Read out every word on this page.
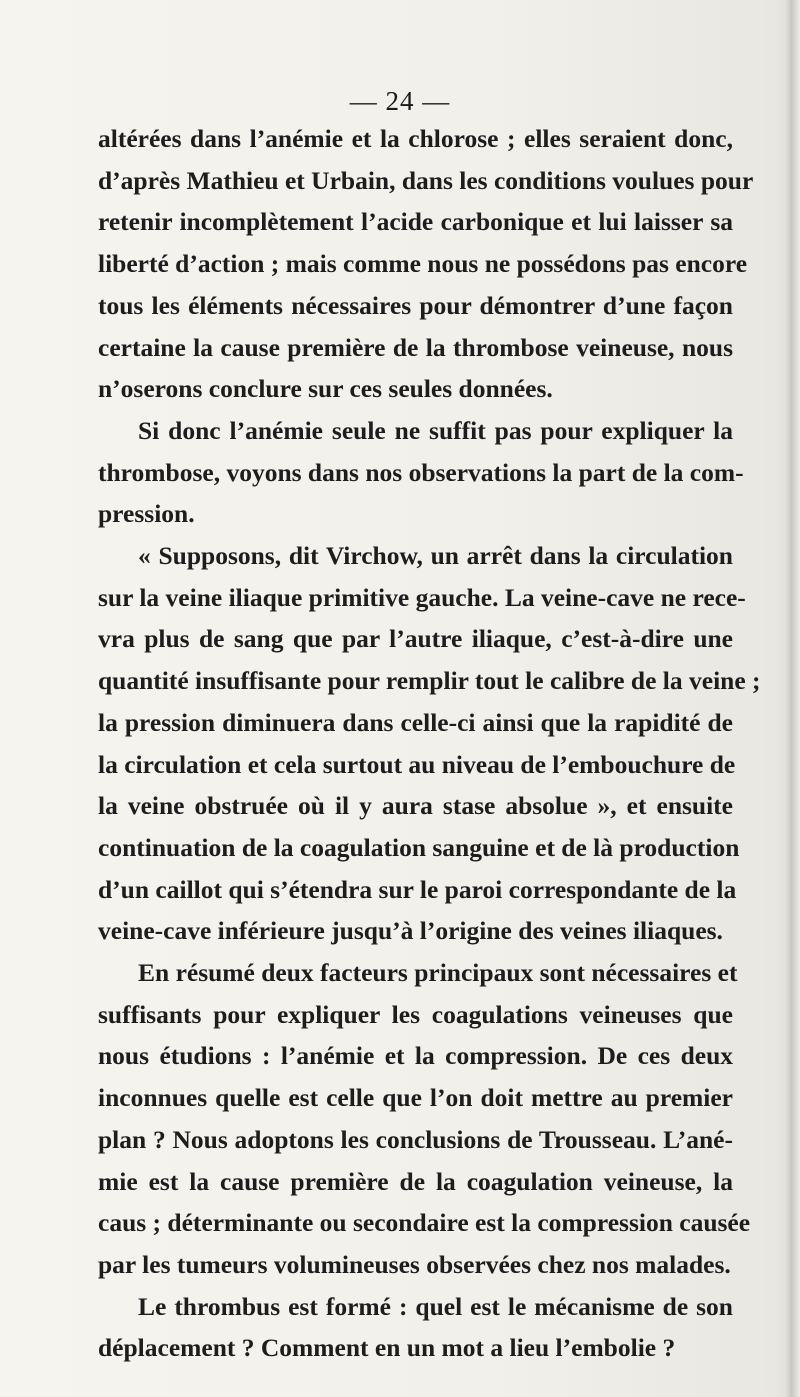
— 24 —
altérées dans l’anémie et la chlorose ; elles seraient donc,
d’après Mathieu et Urbain, dans les conditions voulues pour
retenir incomplètement l’acide carbonique et lui laisser sa
liberté d’action ; mais comme nous ne possédons pas encore
tous les éléments nécessaires pour démontrer d’une façon
certaine la cause première de la thrombose veineuse, nous
n’oserons conclure sur ces seules données.
Si donc l’anémie seule ne suffit pas pour expliquer la
thrombose, voyons dans nos observations la part de la com-
pression.
« Supposons, dit Virchow, un arrêt dans la circulation
sur la veine iliaque primitive gauche. La veine-cave ne rece-
vra plus de sang que par l’autre iliaque, c’est-à-dire une
quantité insuffisante pour remplir tout le calibre de la veine ;
la pression diminuera dans celle-ci ainsi que la rapidité de
la circulation et cela surtout au niveau de l’embouchure de
la veine obstruée où il y aura stase absolue », et ensuite
continuation de la coagulation sanguine et de là production
d’un caillot qui s’étendra sur le paroi correspondante de la
veine-cave inférieure jusqu’à l’origine des veines iliaques.
En résumé deux facteurs principaux sont nécessaires et
suffisants pour expliquer les coagulations veineuses que
nous étudions : l’anémie et la compression. De ces deux
inconnues quelle est celle que l’on doit mettre au premier
plan ? Nous adoptons les conclusions de Trousseau. L’ané-
mie est la cause première de la coagulation veineuse, la
caus ; déterminante ou secondaire est la compression causée
par les tumeurs volumineuses observées chez nos malades.
Le thrombus est formé : quel est le mécanisme de son
déplacement ? Comment en un mot a lieu l’embolie ?
